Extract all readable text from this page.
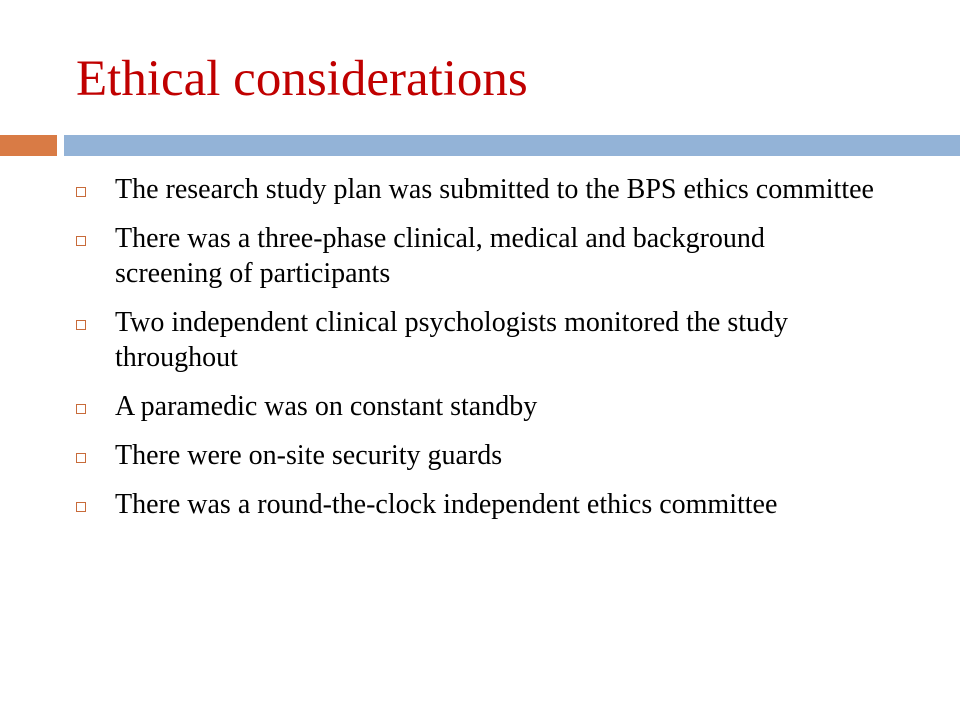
Ethical considerations
The research study plan was submitted to the BPS ethics committee
There was a three-phase clinical, medical and background screening of participants
Two independent clinical psychologists monitored the study throughout
A paramedic was on constant standby
There were on-site security guards
There was a round-the-clock independent ethics committee
